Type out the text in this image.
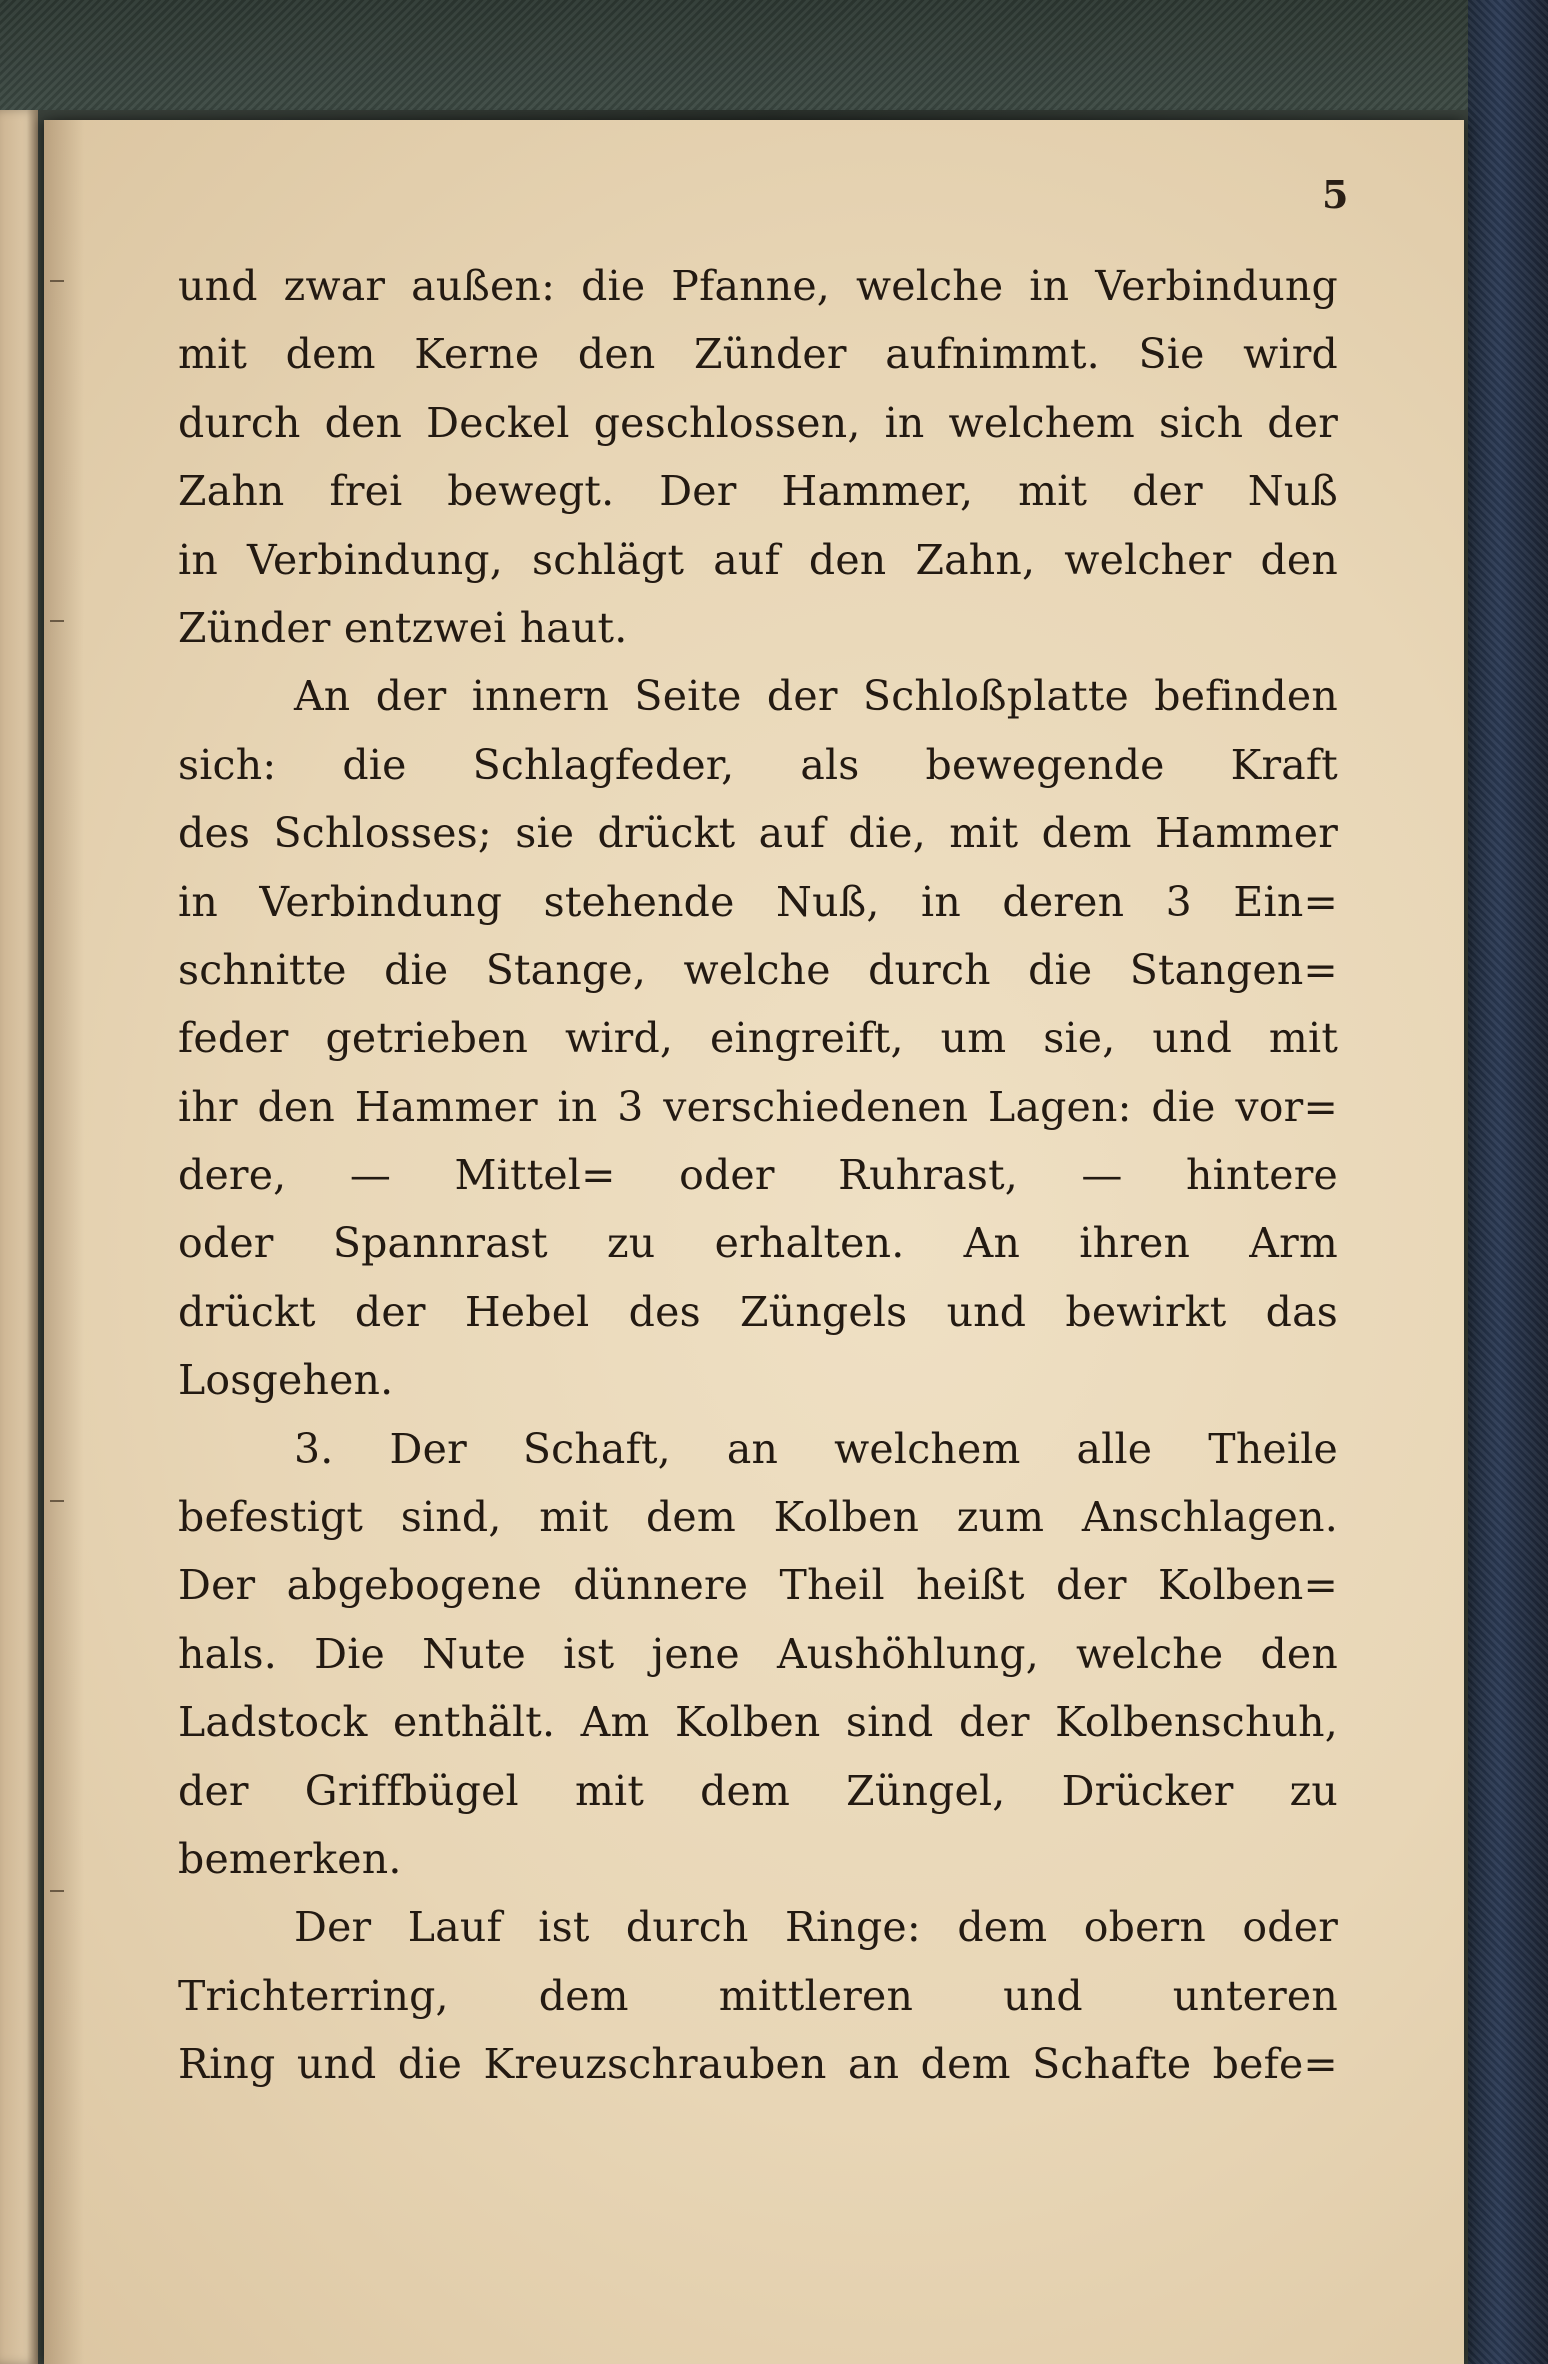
5

und zwar außen: die Pfanne, welche in Verbindung
mit dem Kerne den Zünder aufnimmt. Sie wird
durch den Deckel geschlossen, in welchem sich der
Zahn frei bewegt. Der Hammer, mit der Nuß
in Verbindung, schlägt auf den Zahn, welcher den
Zünder entzwei haut.
An der innern Seite der Schloßplatte befinden
sich: die Schlagfeder, als bewegende Kraft
des Schlosses; sie drückt auf die, mit dem Hammer
in Verbindung stehende Nuß, in deren 3 Ein=
schnitte die Stange, welche durch die Stangen=
feder getrieben wird, eingreift, um sie, und mit
ihr den Hammer in 3 verschiedenen Lagen: die vor=
dere, — Mittel= oder Ruhrast, — hintere
oder Spannrast zu erhalten. An ihren Arm
drückt der Hebel des Züngels und bewirkt das
Losgehen.
3. Der Schaft, an welchem alle Theile
befestigt sind, mit dem Kolben zum Anschlagen.
Der abgebogene dünnere Theil heißt der Kolben=
hals. Die Nute ist jene Aushöhlung, welche den
Ladstock enthält. Am Kolben sind der Kolbenschuh,
der Griffbügel mit dem Züngel, Drücker zu
bemerken.
Der Lauf ist durch Ringe: dem obern oder
Trichterring, dem mittleren und unteren
Ring und die Kreuzschrauben an dem Schafte befe=
